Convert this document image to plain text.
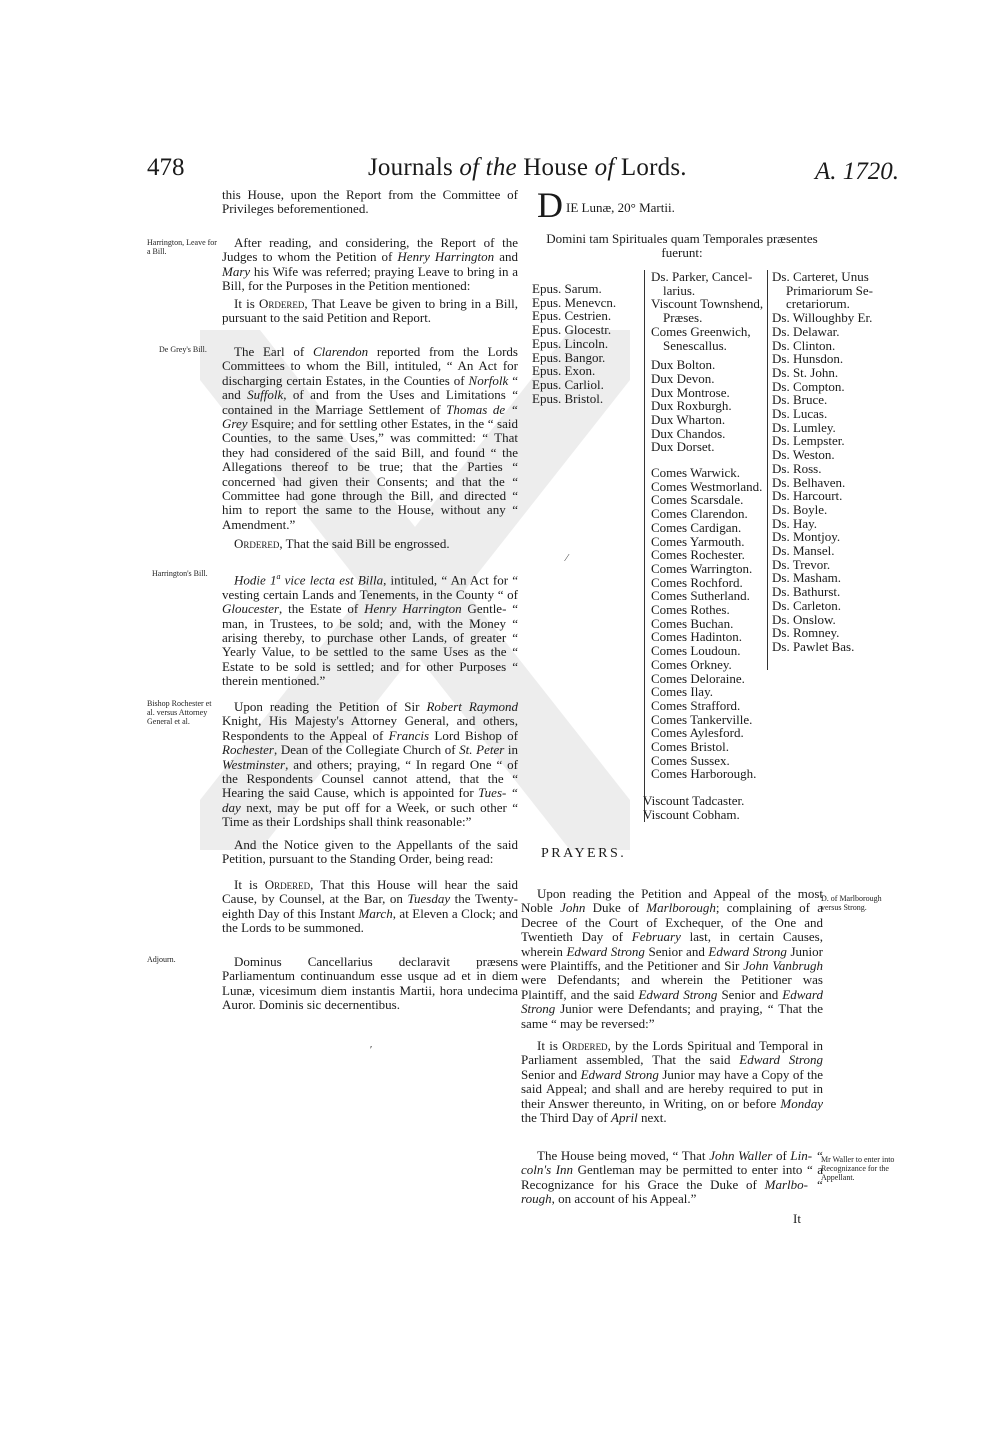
478	Journals of the House of Lords.	A. 1720.
Harrington, Leave for a Bill.
De Grey's Bill.
Harrington's Bill.
Bishop Rochester et al. versus Attorney General et al.
Adjourn.
D. of Marlborough versus Strong.
Mr Waller to enter into Recognizance for the Appellant.

this House, upon the Report from the Committee of Privileges beforementioned.

After reading, and considering, the Report of the Judges to whom the Petition of Henry Harrington and Mary his Wife was referred; praying Leave to bring in a Bill, for the Purposes in the Petition mentioned:

It is Ordered, That Leave be given to bring in a Bill, pursuant to the said Petition and Report.

The Earl of Clarendon reported from the Lords Committees to whom the Bill, intituled, “ An Act for discharging certain Estates, in the Counties of Norfolk “ and Suffolk, of and from the Uses and Limitations “ contained in the Marriage Settlement of Thomas de “ Grey Esquire; and for settling other Estates, in the “ said Counties, to the same Uses,” was committed: “ That they had considered of the said Bill, and found “ the Allegations thereof to be true; that the Parties “ concerned had given their Consents; and that the “ Committee had gone through the Bill, and directed “ him to report the same to the House, without any “ Amendment.”

Ordered, That the said Bill be engrossed.

Hodie 1$^a$ vice lecta est Billa, intituled, “ An Act for “ vesting certain Lands and Tenements, in the County “ of Gloucester, the Estate of Henry Harrington Gentle- “ man, in Trustees, to be sold; and, with the Money “ arising thereby, to purchase other Lands, of greater “ Yearly Value, to be settled to the same Uses as the “ Estate to be sold is settled; and for other Purposes “ therein mentioned.”

Upon reading the Petition of Sir Robert Raymond Knight, His Majesty's Attorney General, and others, Respondents to the Appeal of Francis Lord Bishop of Rochester, Dean of the Collegiate Church of St. Peter in Westminster, and others; praying, “ In regard One “ of the Respondents Counsel cannot attend, that the “ Hearing the said Cause, which is appointed for Tues- “ day next, may be put off for a Week, or such other “ Time as their Lordships shall think reasonable:”

And the Notice given to the Appellants of the said Petition, pursuant to the Standing Order, being read:

It is Ordered, That this House will hear the said Cause, by Counsel, at the Bar, on Tuesday the Twenty-eighth Day of this Instant March, at Eleven a Clock; and the Lords to be summoned.

Dominus Cancellarius declaravit præsens Parliamentum continuandum esse usque ad et in diem Lunæ, vicesimum diem instantis Martii, hora undecima Auror. Dominis sic decernentibus.

DIE Lunæ, 20° Martii.
Domini tam Spirituales quam Temporales præsentes fuerunt:
Epus. Sarum.
Epus. Menevcn.
Epus. Cestrien.
Epus. Glocestr.
Epus. Lincoln.
Epus. Bangor.
Epus. Exon.
Epus. Carliol.
Epus. Bristol.
Ds. Parker, Cancel-
larius.
Viscount Townshend,
Præses.
Comes Greenwich,
Senescallus.
Dux Bolton.
Dux Devon.
Dux Montrose.
Dux Roxburgh.
Dux Wharton.
Dux Chandos.
Dux Dorset.
Comes Warwick.
Comes Westmorland.
Comes Scarsdale.
Comes Clarendon.
Comes Cardigan.
Comes Yarmouth.
Comes Rochester.
Comes Warrington.
Comes Rochford.
Comes Sutherland.
Comes Rothes.
Comes Buchan.
Comes Hadinton.
Comes Loudoun.
Comes Orkney.
Comes Deloraine.
Comes Ilay.
Comes Strafford.
Comes Tankerville.
Comes Aylesford.
Comes Bristol.
Comes Sussex.
Comes Harborough.
Viscount Tadcaster.
Viscount Cobham.
Ds. Carteret, Unus
Primariorum Se-
cretariorum.
Ds. Willoughby Er.
Ds. Delawar.
Ds. Clinton.
Ds. Hunsdon.
Ds. St. John.
Ds. Compton.
Ds. Bruce.
Ds. Lucas.
Ds. Lumley.
Ds. Lempster.
Ds. Weston.
Ds. Ross.
Ds. Belhaven.
Ds. Harcourt.
Ds. Boyle.
Ds. Hay.
Ds. Montjoy.
Ds. Mansel.
Ds. Trevor.
Ds. Masham.
Ds. Bathurst.
Ds. Carleton.
Ds. Onslow.
Ds. Romney.
Ds. Pawlet Bas.
⁄
′
PRAYERS.

Upon reading the Petition and Appeal of the most Noble John Duke of Marlborough; complaining of a Decree of the Court of Exchequer, of the One and Twentieth Day of February last, in certain Causes, wherein Edward Strong Senior and Edward Strong Junior were Plaintiffs, and the Petitioner and Sir John Vanbrugh were Defendants; and wherein the Petitioner was Plaintiff, and the said Edward Strong Senior and Edward Strong Junior were Defendants; and praying, “ That the same “ may be reversed:”

It is Ordered, by the Lords Spiritual and Temporal in Parliament assembled, That the said Edward Strong Senior and Edward Strong Junior may have a Copy of the said Appeal; and shall and are hereby required to put in their Answer thereunto, in Writing, on or before Monday the Third Day of April next.

The House being moved, “ That John Waller of Lin- “ coln's Inn Gentleman may be permitted to enter into “ a Recognizance for his Grace the Duke of Marlbo- “ rough, on account of his Appeal.”

It
